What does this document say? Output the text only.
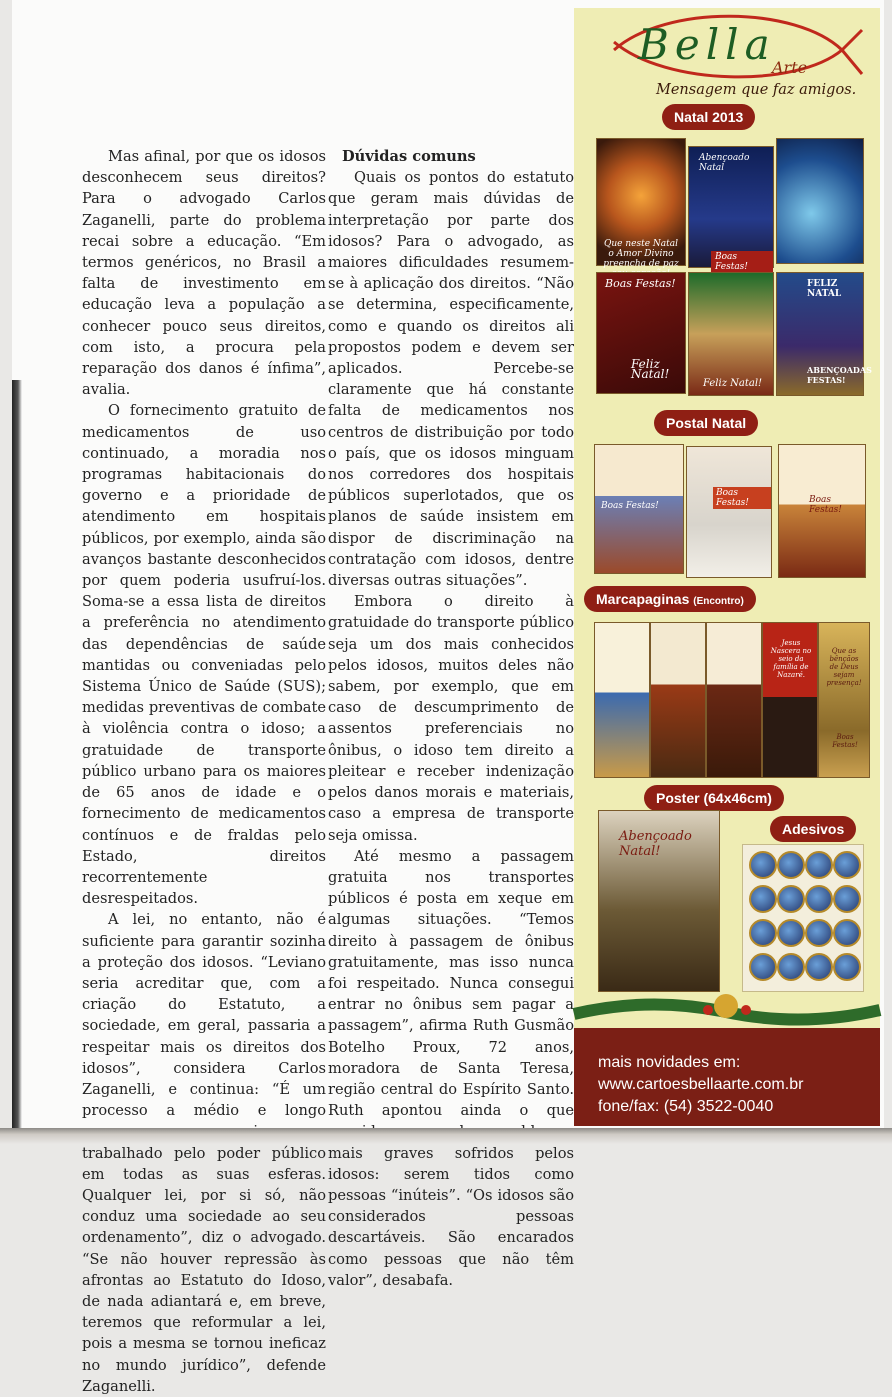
Mas afinal, por que os idosos desconhecem seus direitos? Para o advogado Carlos Zaganelli, parte do problema recai sobre a educação. “Em termos genéricos, no Brasil a falta de investimento em educação leva a população a conhecer pouco seus direitos, com isto, a procura pela reparação dos danos é ínfima”, avalia.

O fornecimento gratuito de medicamentos de uso continuado, a moradia nos programas habitacionais do governo e a prioridade de atendimento em hospitais públicos, por exemplo, ainda são avanços bastante desconhecidos por quem poderia usufruí-los. Soma-se a essa lista de direitos a preferência no atendimento das dependências de saúde mantidas ou conveniadas pelo Sistema Único de Saúde (SUS); medidas preventivas de combate à violência contra o idoso; a gratuidade de transporte público urbano para os maiores de 65 anos de idade e o fornecimento de medicamentos contínuos e de fraldas pelo Estado, direitos recorrentemente desrespeitados.

A lei, no entanto, não é suficiente para garantir sozinha a proteção dos idosos. “Leviano seria acreditar que, com a criação do Estatuto, a sociedade, em geral, passaria a respeitar mais os direitos dos idosos”, considera Carlos Zaganelli, e continua: “É um processo a médio e longo trabalhado pelo poder público em todas as suas esferas. Qualquer lei, por si só, não conduz uma sociedade ao seu ordenamento”, diz o advogado. “Se não houver repressão às afrontas ao Estatuto do Idoso, de nada adiantará e, em breve, teremos que reformular a lei, pois a mesma se tornou ineficaz no mundo jurídico”, defende Zaganelli.

Dúvidas comuns

Quais os pontos do estatuto que geram mais dúvidas de interpretação por parte dos idosos? Para o advogado, as maiores dificuldades resumem-se à aplicação dos direitos. “Não se determina, especificamente, como e quando os direitos ali propostos podem e devem ser aplicados. Percebe-se claramente que há constante falta de medicamentos nos centros de distribuição por todo o país, que os idosos minguam nos corredores dos hospitais públicos superlotados, que os planos de saúde insistem em dispor de discriminação na contratação com idosos, dentre diversas outras situações”.

Embora o direito à gratuidade do transporte público seja um dos mais conhecidos pelos idosos, muitos deles não sabem, por exemplo, que em caso de descumprimento de assentos preferenciais no ônibus, o idoso tem direito a pleitear e receber indenização pelos danos morais e materiais, caso a empresa de transporte seja omissa.

Até mesmo a passagem gratuita nos transportes públicos é posta em xeque em algumas situações. “Temos direito à passagem de ônibus gratuitamente, mas isso nunca foi respeitado. Nunca consegui entrar no ônibus sem pagar a passagem”, afirma Ruth Gusmão Botelho Proux, 72 anos, moradora de Santa Teresa, região central do Espírito Santo. Ruth apontou ainda o que mais graves sofridos pelos idosos: serem tidos como pessoas “inúteis”. “Os idosos são considerados pessoas descartáveis. São encarados como pessoas que não têm valor”, desabafa.

Bella
Arte
Mensagem que faz amigos.
Natal 2013
Que neste Natal o Amor Divino preencha de paz
Abençoado Natal
Boas Festas!
Boas Festas!
Feliz Natal!
Feliz Natal!
FELIZ NATAL
ABENÇOADAS FESTAS!
Postal Natal
Boas Festas!
Boas Festas!	Boas Festas!
Marcapaginas (Encontro)
Jesus Nascera no seio da família de Nazaré.
Que as bênçãos de Deus sejam presença!
Boas Festas!
Poster (64x46cm)
Adesivos
Abençoado Natal!
mais novidades em:
www.cartoesbellaarte.com.br
fone/fax: (54) 3522-0040
